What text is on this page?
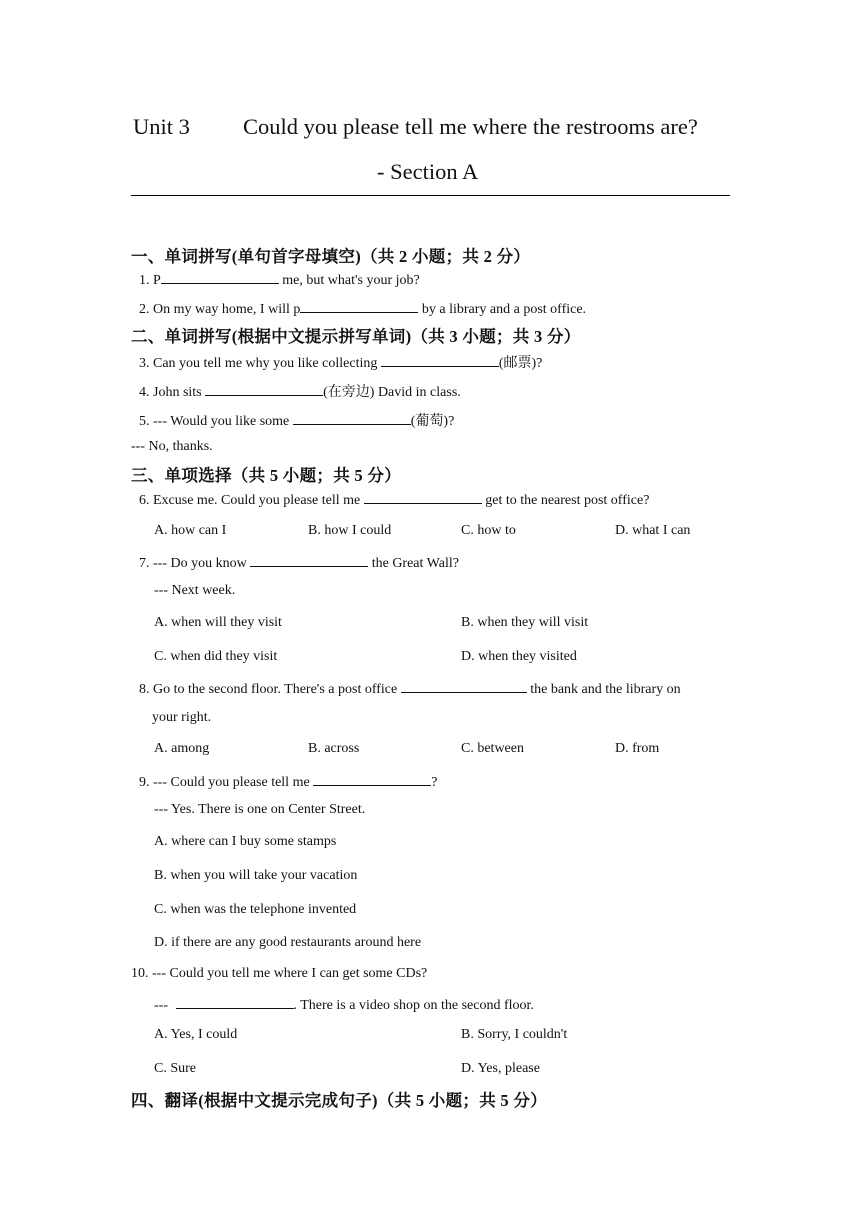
Unit 3 Could you please tell me where the restrooms are?
- Section A
一、单词拼写(单句首字母填空)（共 2 小题；共 2 分）
1. P	me, but what's your job?
2. On my way home, I will p	by a library and a post office.
二、单词拼写(根据中文提示拼写单词)（共 3 小题；共 3 分）
3. Can you tell me why you like collecting	(邮票)?
4. John sits	(在旁边) David in class.
5. --- Would you like some	(葡萄)?
--- No, thanks.
三、单项选择（共 5 小题；共 5 分）
6. Excuse me. Could you please tell me	get to the nearest post office?
A. how can I	B. how I could	C. how to	D. what I can
7. --- Do you know	the Great Wall?
--- Next week.
A. when will they visit	B. when they will visit
C. when did they visit	D. when they visited
8. Go to the second floor. There's a post office	the bank and the library on
your right.
A. among	B. across	C. between	D. from
9. --- Could you please tell me	?
--- Yes. There is one on Center Street.
A. where can I buy some stamps
B. when you will take your vacation
C. when was the telephone invented
D. if there are any good restaurants around here
10. --- Could you tell me where I can get some CDs?
---	. There is a video shop on the second floor.
A. Yes, I could	B. Sorry, I couldn't
C. Sure	D. Yes, please
四、翻译(根据中文提示完成句子)（共 5 小题；共 5 分）
